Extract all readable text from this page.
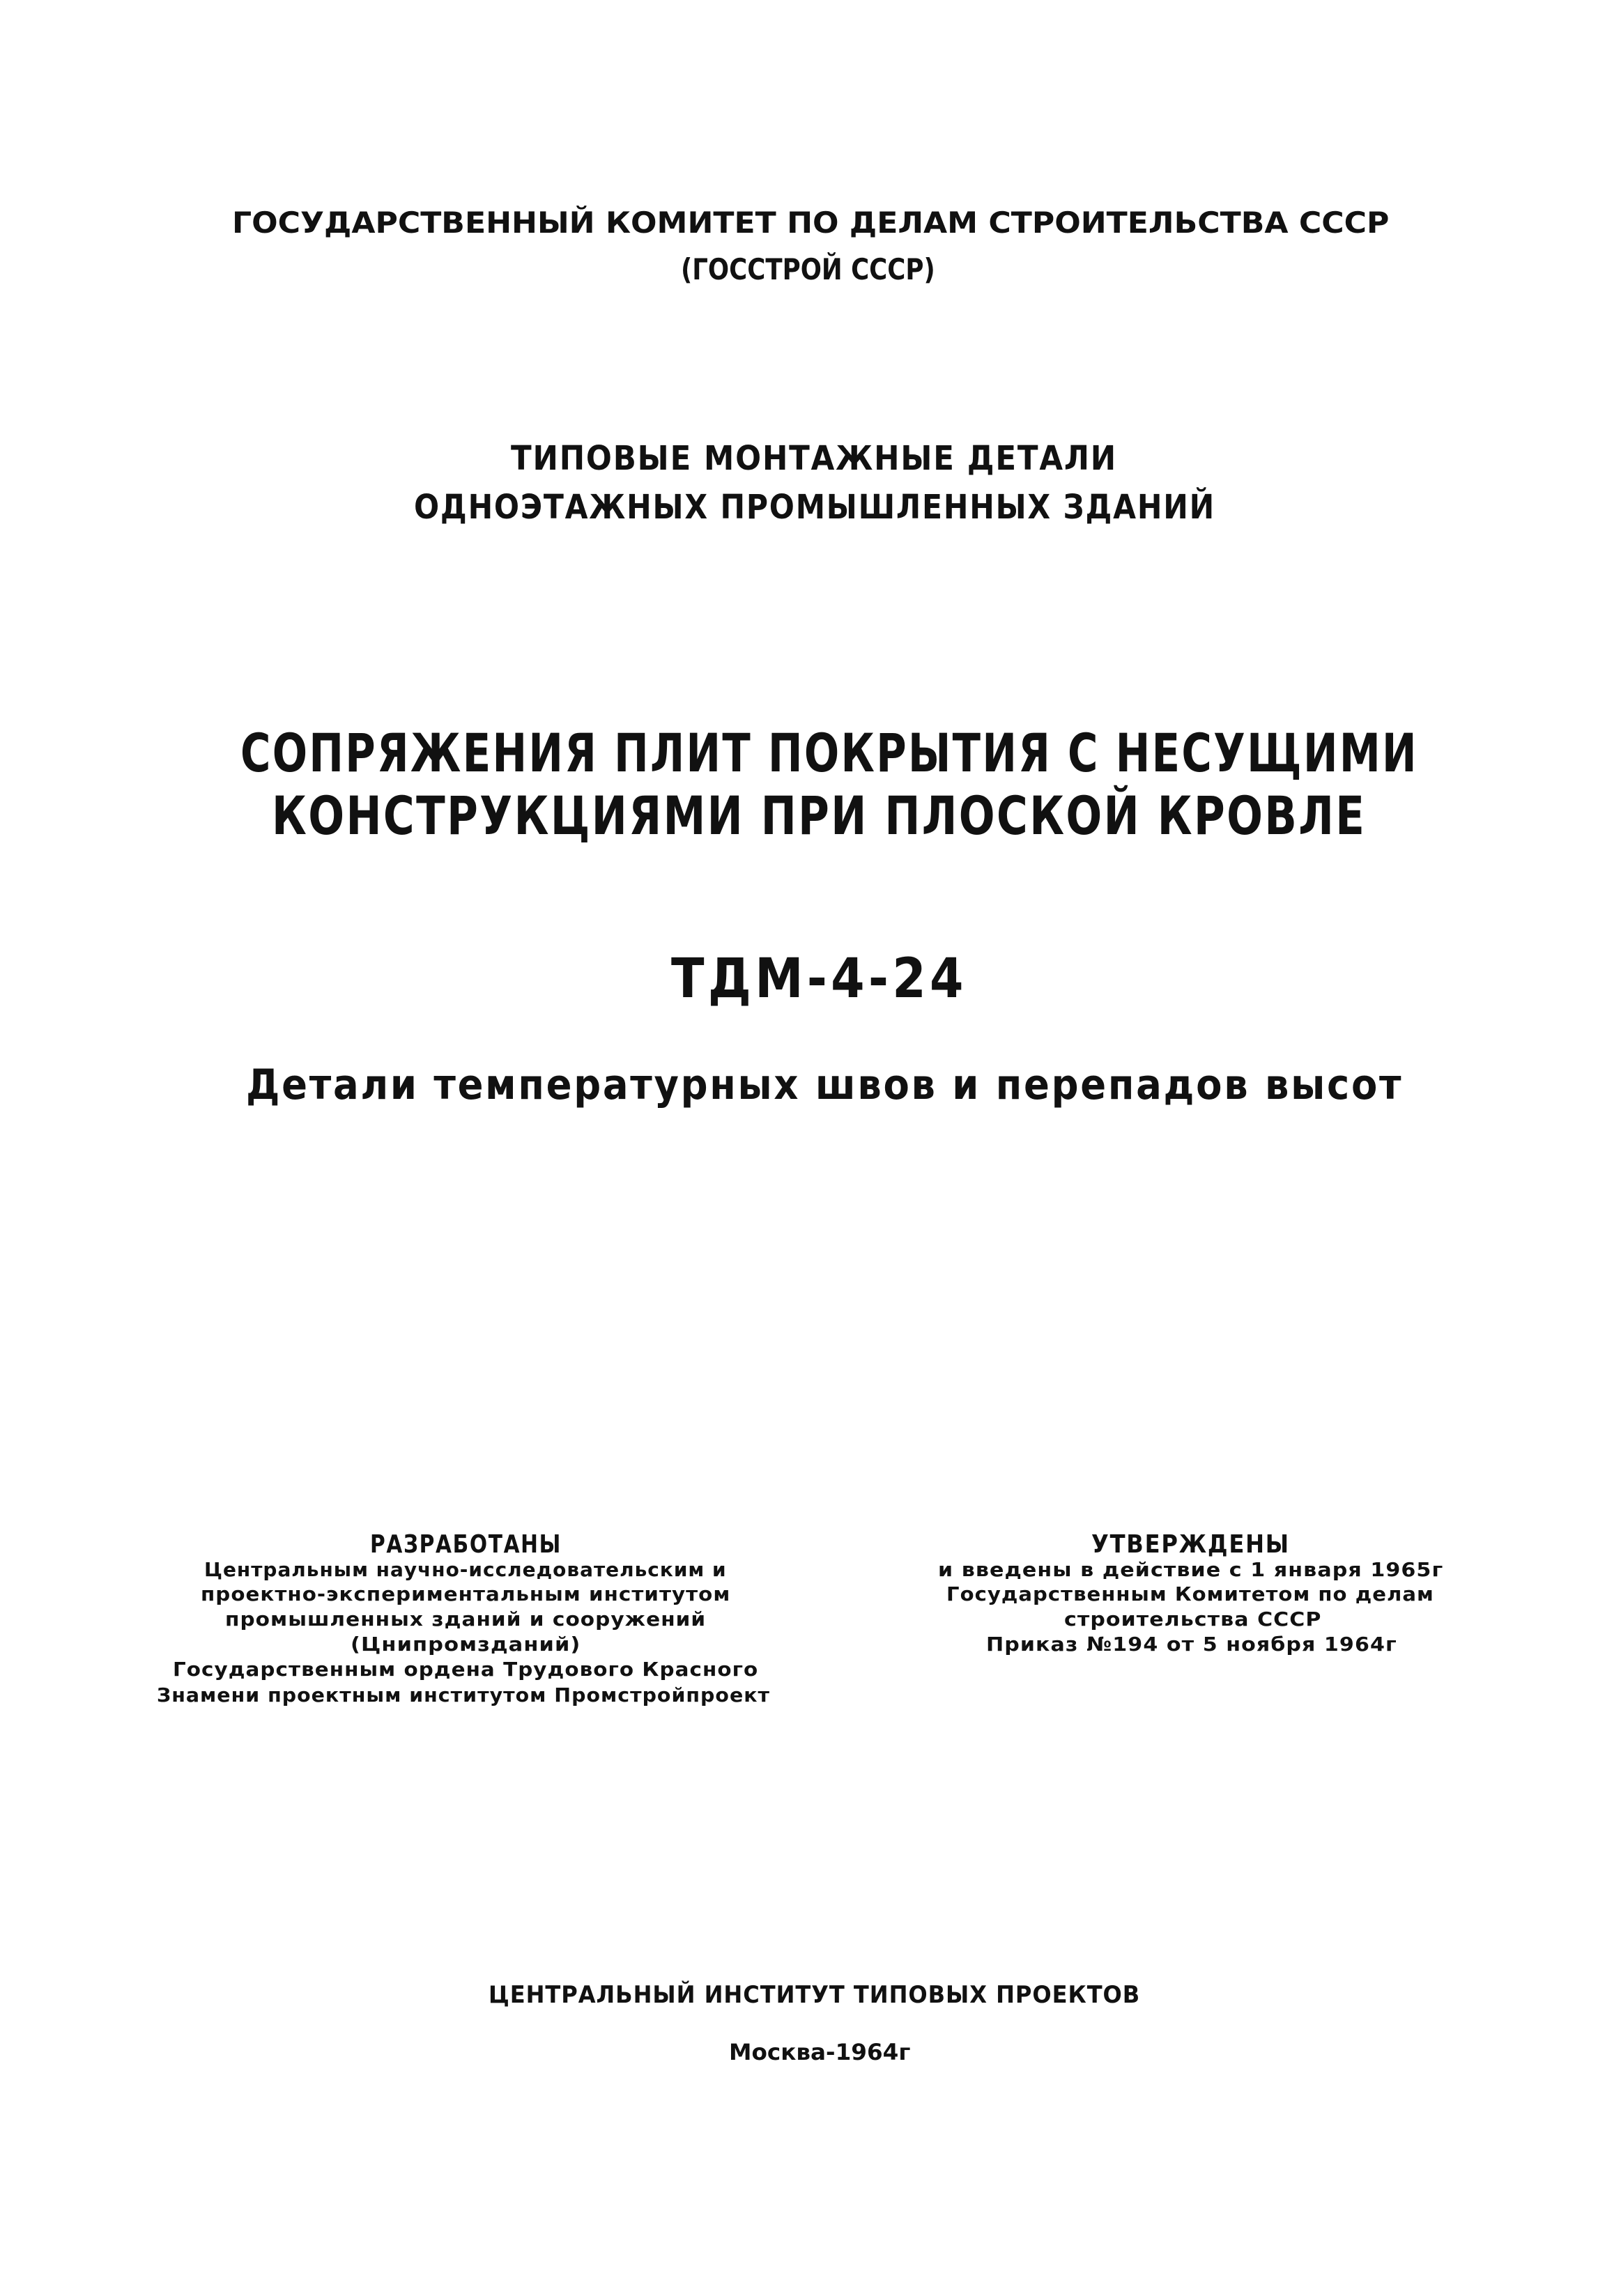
ГОСУДАРСТВЕННЫЙ КОМИТЕТ ПО ДЕЛАМ СТРОИТЕЛЬСТВА СССР

(ГОССТРОЙ СССР)

ТИПОВЫЕ МОНТАЖНЫЕ ДЕТАЛИ

ОДНОЭТАЖНЫХ ПРОМЫШЛЕННЫХ ЗДАНИЙ

СОПРЯЖЕНИЯ ПЛИТ ПОКРЫТИЯ С НЕСУЩИМИ

КОНСТРУКЦИЯМИ ПРИ ПЛОСКОЙ КРОВЛЕ

ТДМ-4-24

Детали температурных швов и перепадов высот

РАЗРАБОТАНЫ

Центральным научно-исследовательским и

проектно-экспериментальным институтом

промышленных зданий и сооружений

(Цнипромзданий)

Государственным ордена Трудового Красного

Знамени проектным институтом Промстройпроект

УТВЕРЖДЕНЫ

и введены в действие с 1 января 1965г

Государственным Комитетом по делам

строительства СССР

Приказ №194 от 5 ноября 1964г

ЦЕНТРАЛЬНЫЙ ИНСТИТУТ ТИПОВЫХ ПРОЕКТОВ

Москва-1964г
